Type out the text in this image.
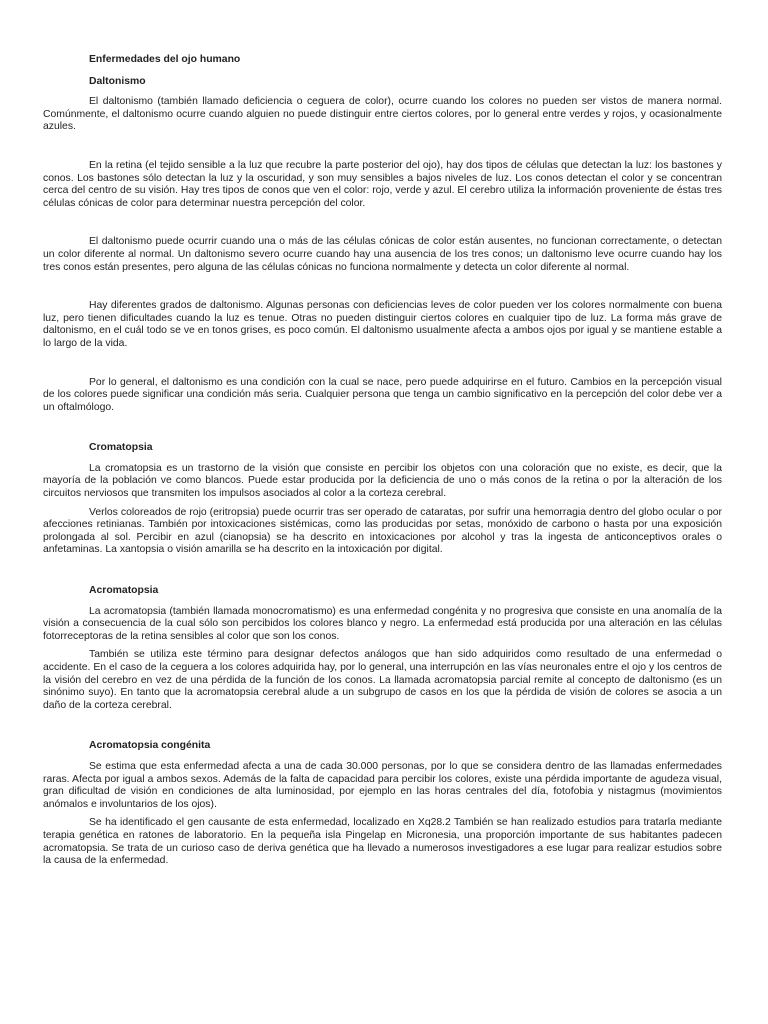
Enfermedades del ojo humano

Daltonismo

El daltonismo (también llamado deficiencia o ceguera de color), ocurre cuando los colores no pueden ser vistos de manera normal. Comúnmente, el daltonismo ocurre cuando alguien no puede distinguir entre ciertos colores, por lo general entre verdes y rojos, y ocasionalmente azules.

En la retina (el tejido sensible a la luz que recubre la parte posterior del ojo), hay dos tipos de células que detectan la luz: los bastones y conos. Los bastones sólo detectan la luz y la oscuridad, y son muy sensibles a bajos niveles de luz. Los conos detectan el color y se concentran cerca del centro de su visión. Hay tres tipos de conos que ven el color: rojo, verde y azul. El cerebro utiliza la información proveniente de éstas tres células cónicas de color para determinar nuestra percepción del color.

El daltonismo puede ocurrir cuando una o más de las células cónicas de color están ausentes, no funcionan correctamente, o detectan un color diferente al normal. Un daltonismo severo ocurre cuando hay una ausencia de los tres conos; un daltonismo leve ocurre cuando hay los tres conos están presentes, pero alguna de las células cónicas no funciona normalmente y detecta un color diferente al normal.

Hay diferentes grados de daltonismo. Algunas personas con deficiencias leves de color pueden ver los colores normalmente con buena luz, pero tienen dificultades cuando la luz es tenue. Otras no pueden distinguir ciertos colores en cualquier tipo de luz. La forma más grave de daltonismo, en el cuál todo se ve en tonos grises, es poco común. El daltonismo usualmente afecta a ambos ojos por igual y se mantiene estable a lo largo de la vida.

Por lo general, el daltonismo es una condición con la cual se nace, pero puede adquirirse en el futuro. Cambios en la percepción visual de los colores puede significar una condición más seria. Cualquier persona que tenga un cambio significativo en la percepción del color debe ver a un oftalmólogo.

Cromatopsia

La cromatopsia es un trastorno de la visión que consiste en percibir los objetos con una coloración que no existe, es decir, que la mayoría de la población ve como blancos. Puede estar producida por la deficiencia de uno o más conos de la retina o por la alteración de los circuitos nerviosos que transmiten los impulsos asociados al color a la corteza cerebral.

Verlos coloreados de rojo (eritropsia) puede ocurrir tras ser operado de cataratas, por sufrir una hemorragia dentro del globo ocular o por afecciones retinianas. También por intoxicaciones sistémicas, como las producidas por setas, monóxido de carbono o hasta por una exposición prolongada al sol. Percibir en azul (cianopsia) se ha descrito en intoxicaciones por alcohol y tras la ingesta de anticonceptivos orales o anfetaminas. La xantopsia o visión amarilla se ha descrito en la intoxicación por digital.

Acromatopsia

La acromatopsia (también llamada monocromatismo) es una enfermedad congénita y no progresiva que consiste en una anomalía de la visión a consecuencia de la cual sólo son percibidos los colores blanco y negro. La enfermedad está producida por una alteración en las células fotorreceptoras de la retina sensibles al color que son los conos.

También se utiliza este término para designar defectos análogos que han sido adquiridos como resultado de una enfermedad o accidente. En el caso de la ceguera a los colores adquirida hay, por lo general, una interrupción en las vías neuronales entre el ojo y los centros de la visión del cerebro en vez de una pérdida de la función de los conos. La llamada acromatopsia parcial remite al concepto de daltonismo (es un sinónimo suyo). En tanto que la acromatopsia cerebral alude a un subgrupo de casos en los que la pérdida de visión de colores se asocia a un daño de la corteza cerebral.

Acromatopsia congénita

Se estima que esta enfermedad afecta a una de cada 30.000 personas, por lo que se considera dentro de las llamadas enfermedades raras. Afecta por igual a ambos sexos. Además de la falta de capacidad para percibir los colores, existe una pérdida importante de agudeza visual, gran dificultad de visión en condiciones de alta luminosidad, por ejemplo en las horas centrales del día, fotofobia y nistagmus (movimientos anómalos e involuntarios de los ojos).

Se ha identificado el gen causante de esta enfermedad, localizado en Xq28.2 También se han realizado estudios para tratarla mediante terapia genética en ratones de laboratorio. En la pequeña isla Pingelap en Micronesia, una proporción importante de sus habitantes padecen acromatopsia. Se trata de un curioso caso de deriva genética que ha llevado a numerosos investigadores a ese lugar para realizar estudios sobre la causa de la enfermedad.
